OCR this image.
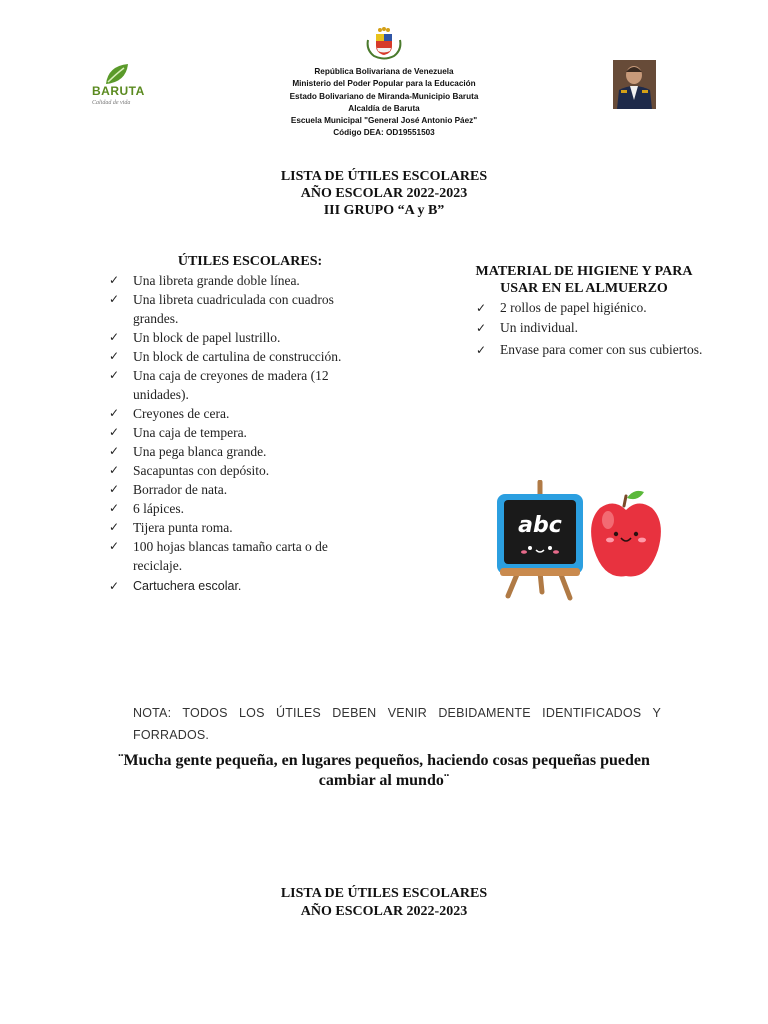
BARUTA
Calidad de vida
República Bolivariana de Venezuela
Ministerio del Poder Popular para la Educación
Estado Bolivariano de Miranda-Municipio Baruta
Alcaldía de Baruta
Escuela Municipal "General José Antonio Páez"
Código DEA: OD19551503
LISTA DE ÚTILES ESCOLARES
AÑO ESCOLAR 2022-2023
III GRUPO “A y B”
ÚTILES ESCOLARES:
✓ Una libreta grande doble línea.
✓ Una libreta cuadriculada con cuadros grandes.
✓ Un block de papel lustrillo.
✓ Un block de cartulina de construcción.
✓ Una caja de creyones de madera (12 unidades).
✓ Creyones de cera.
✓ Una caja de tempera.
✓ Una pega blanca grande.
✓ Sacapuntas con depósito.
✓ Borrador de nata.
✓ 6 lápices.
✓ Tijera punta roma.
✓ 100 hojas blancas tamaño carta o de reciclaje.
✓ Cartuchera escolar.
MATERIAL DE HIGIENE Y PARA
USAR EN EL ALMUERZO
✓ 2 rollos de papel higiénico.
✓ Un individual.
✓ Envase para comer con sus cubiertos.
abc
NOTA: TODOS LOS ÚTILES DEBEN VENIR DEBIDAMENTE IDENTIFICADOS Y FORRADOS.
¨Mucha gente pequeña, en lugares pequeños, haciendo cosas pequeñas pueden cambiar al mundo¨
LISTA DE ÚTILES ESCOLARES
AÑO ESCOLAR 2022-2023
